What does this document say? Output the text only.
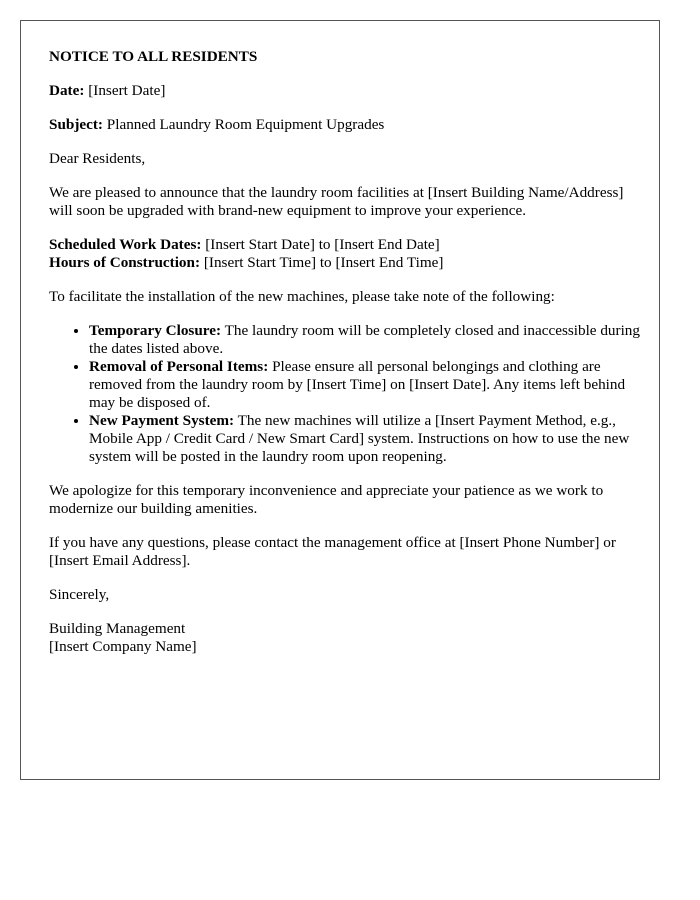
NOTICE TO ALL RESIDENTS

Date: [Insert Date]

Subject: Planned Laundry Room Equipment Upgrades

Dear Residents,

We are pleased to announce that the laundry room facilities at [Insert Building Name/Address] will soon be upgraded with brand-new equipment to improve your experience.

Scheduled Work Dates: [Insert Start Date] to [Insert End Date]
Hours of Construction: [Insert Start Time] to [Insert End Time]

To facilitate the installation of the new machines, please take note of the following:

• Temporary Closure: The laundry room will be completely closed and inaccessible during the dates listed above.
• Removal of Personal Items: Please ensure all personal belongings and clothing are removed from the laundry room by [Insert Time] on [Insert Date]. Any items left behind may be disposed of.
• New Payment System: The new machines will utilize a [Insert Payment Method, e.g., Mobile App / Credit Card / New Smart Card] system. Instructions on how to use the new system will be posted in the laundry room upon reopening.

We apologize for this temporary inconvenience and appreciate your patience as we work to modernize our building amenities.

If you have any questions, please contact the management office at [Insert Phone Number] or [Insert Email Address].

Sincerely,

Building Management
[Insert Company Name]
